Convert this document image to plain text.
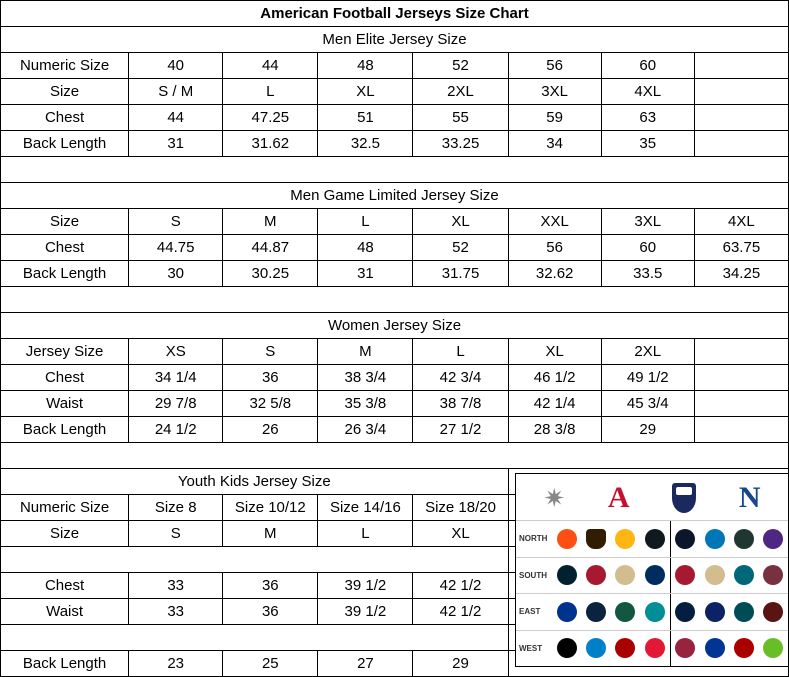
American Football Jerseys Size Chart							
Men Elite Jersey Size							
Numeric Size	40	44	48	52	56	60	
Size	S / M	L	XL	2XL	3XL	4XL	
Chest	44	47.25	51	55	59	63	
Back Length	31	31.62	32.5	33.25	34	35	

Men Game Limited Jersey Size							
Size	S	M	L	XL	XXL	3XL	4XL
Chest	44.75	44.87	48	52	56	60	63.75
Back Length	30	30.25	31	31.75	32.62	33.5	34.25

Women Jersey Size							
Jersey Size	XS	S	M	L	XL	2XL	
Chest	34 1/4	36	38 3/4	42 3/4	46 1/2	49 1/2	
Waist	29 7/8	32 5/8	35 3/8	38 7/8	42 1/4	45 3/4	
Back Length	24 1/2	26	26 3/4	27 1/2	28 3/8	29	

Youth Kids Jersey Size							
Numeric Size	Size 8	Size 10/12	Size 14/16	Size 18/20			
Size	S	M	L	XL			

Chest	33	36	39 1/2	42 1/2			
Waist	33	36	39 1/2	42 1/2			

Back Length	23	25	27	29			
✷ A	N
NORTH
SOUTH
EAST
WEST
